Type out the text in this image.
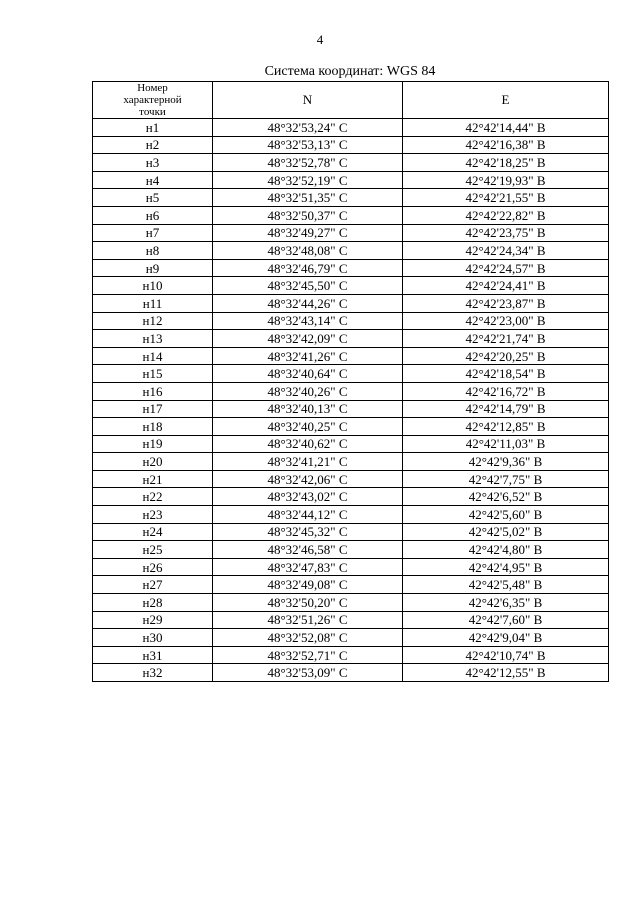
4
Система координат: WGS 84
Номер
характерной
точки	N	E
н1	48°32'53,24" С	42°42'14,44" В
н2	48°32'53,13" С	42°42'16,38" В
н3	48°32'52,78" С	42°42'18,25" В
н4	48°32'52,19" С	42°42'19,93" В
н5	48°32'51,35" С	42°42'21,55" В
н6	48°32'50,37" С	42°42'22,82" В
н7	48°32'49,27" С	42°42'23,75" В
н8	48°32'48,08" С	42°42'24,34" В
н9	48°32'46,79" С	42°42'24,57" В
н10	48°32'45,50" С	42°42'24,41" В
н11	48°32'44,26" С	42°42'23,87" В
н12	48°32'43,14" С	42°42'23,00" В
н13	48°32'42,09" С	42°42'21,74" В
н14	48°32'41,26" С	42°42'20,25" В
н15	48°32'40,64" С	42°42'18,54" В
н16	48°32'40,26" С	42°42'16,72" В
н17	48°32'40,13" С	42°42'14,79" В
н18	48°32'40,25" С	42°42'12,85" В
н19	48°32'40,62" С	42°42'11,03" В
н20	48°32'41,21" С	42°42'9,36" В
н21	48°32'42,06" С	42°42'7,75" В
н22	48°32'43,02" С	42°42'6,52" В
н23	48°32'44,12" С	42°42'5,60" В
н24	48°32'45,32" С	42°42'5,02" В
н25	48°32'46,58" С	42°42'4,80" В
н26	48°32'47,83" С	42°42'4,95" В
н27	48°32'49,08" С	42°42'5,48" В
н28	48°32'50,20" С	42°42'6,35" В
н29	48°32'51,26" С	42°42'7,60" В
н30	48°32'52,08" С	42°42'9,04" В
н31	48°32'52,71" С	42°42'10,74" В
н32	48°32'53,09" С	42°42'12,55" В
